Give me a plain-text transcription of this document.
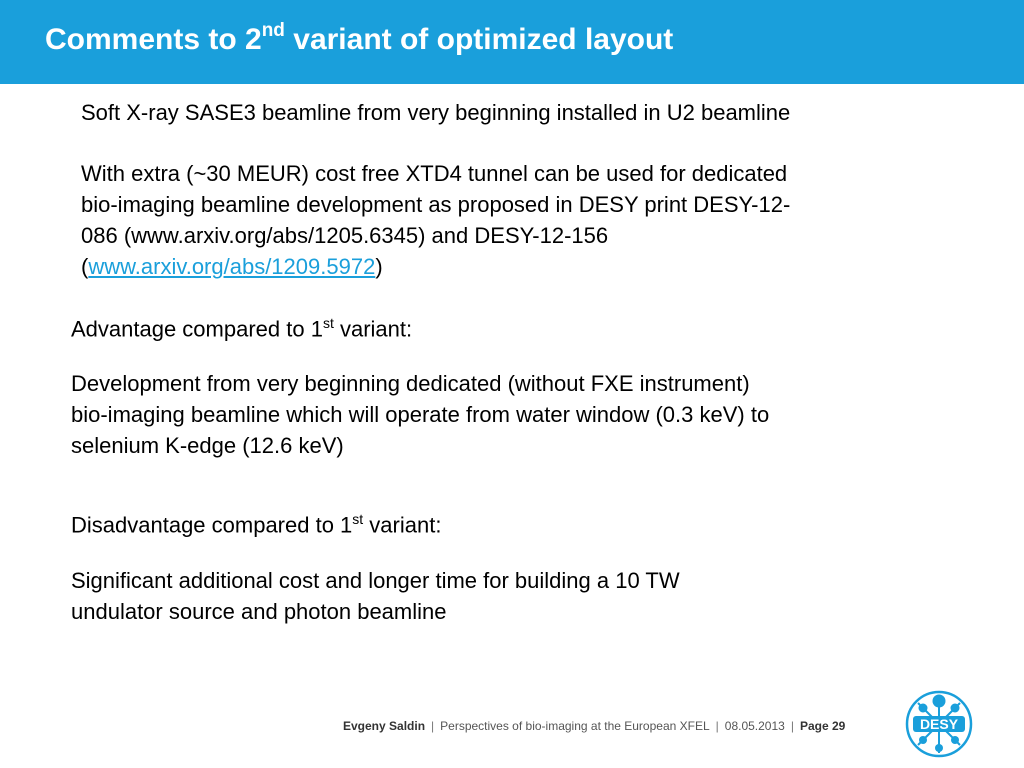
Comments to 2nd variant of optimized layout
Soft X-ray SASE3 beamline from very beginning installed in U2 beamline
With extra (~30 MEUR) cost free XTD4 tunnel can be used for dedicated
bio-imaging beamline development as proposed in DESY print DESY-12-
086 (www.arxiv.org/abs/1205.6345) and DESY-12-156
(www.arxiv.org/abs/1209.5972)
Advantage compared to 1st variant:
Development from very beginning dedicated (without FXE instrument)
bio-imaging beamline which will operate from water window (0.3 keV) to
selenium K-edge (12.6 keV)
Disadvantage compared to 1st variant:
Significant additional cost and longer time for building a 10 TW
undulator source and photon beamline
Evgeny Saldin | Perspectives of bio-imaging at the European XFEL | 08.05.2013 | Page 29	DESY
